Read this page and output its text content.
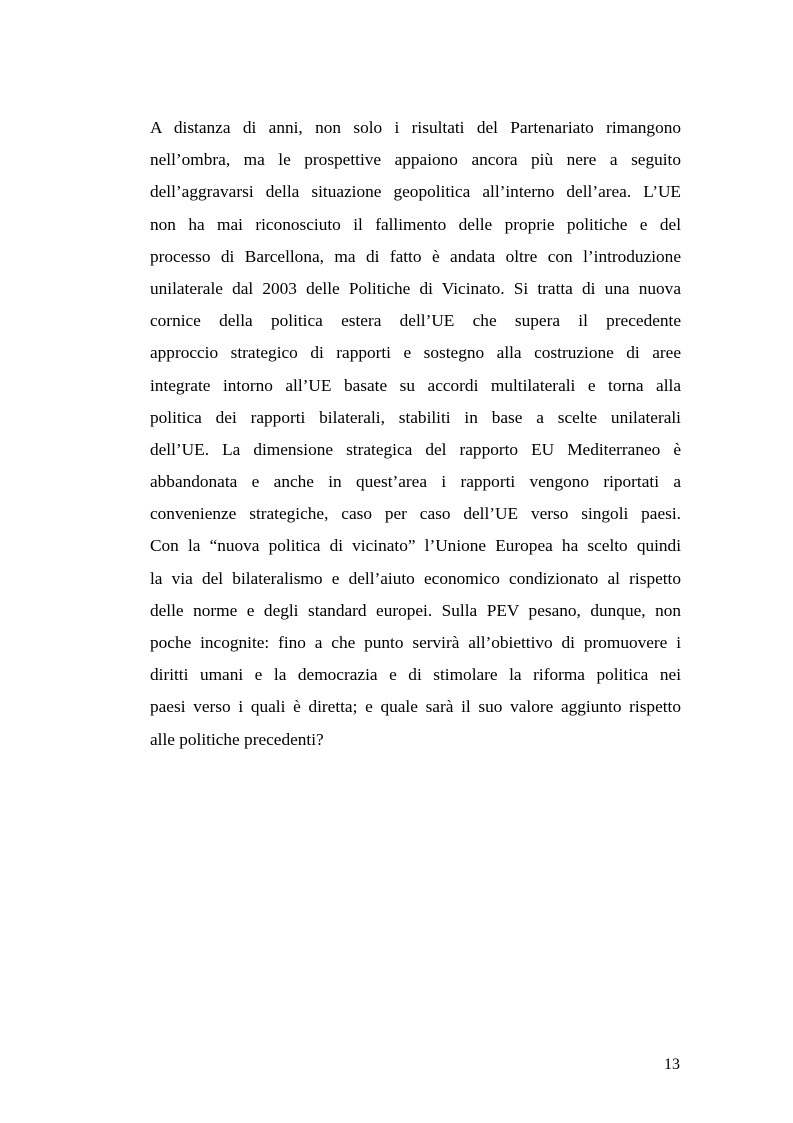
A distanza di anni, non solo i risultati del Partenariato rimangono
nell’ombra, ma le prospettive appaiono ancora più nere a seguito
dell’aggravarsi della situazione geopolitica all’interno dell’area. L’UE
non ha mai riconosciuto il fallimento delle proprie politiche e del
processo di Barcellona, ma di fatto è andata oltre con l’introduzione
unilaterale dal 2003 delle Politiche di Vicinato. Si tratta di una nuova
cornice della politica estera dell’UE che supera il precedente
approccio strategico di rapporti e sostegno alla costruzione di aree
integrate intorno all’UE basate su accordi multilaterali e torna alla
politica dei rapporti bilaterali, stabiliti in base a scelte unilaterali
dell’UE. La dimensione strategica del rapporto EU Mediterraneo è
abbandonata e anche in quest’area i rapporti vengono riportati a
convenienze strategiche, caso per caso dell’UE verso singoli paesi.
Con la “nuova politica di vicinato” l’Unione Europea ha scelto quindi
la via del bilateralismo e dell’aiuto economico condizionato al rispetto
delle norme e degli standard europei. Sulla PEV pesano, dunque, non
poche incognite: fino a che punto servirà all’obiettivo di promuovere i
diritti umani e la democrazia e di stimolare la riforma politica nei
paesi verso i quali è diretta; e quale sarà il suo valore aggiunto rispetto
alle politiche precedenti?
13
